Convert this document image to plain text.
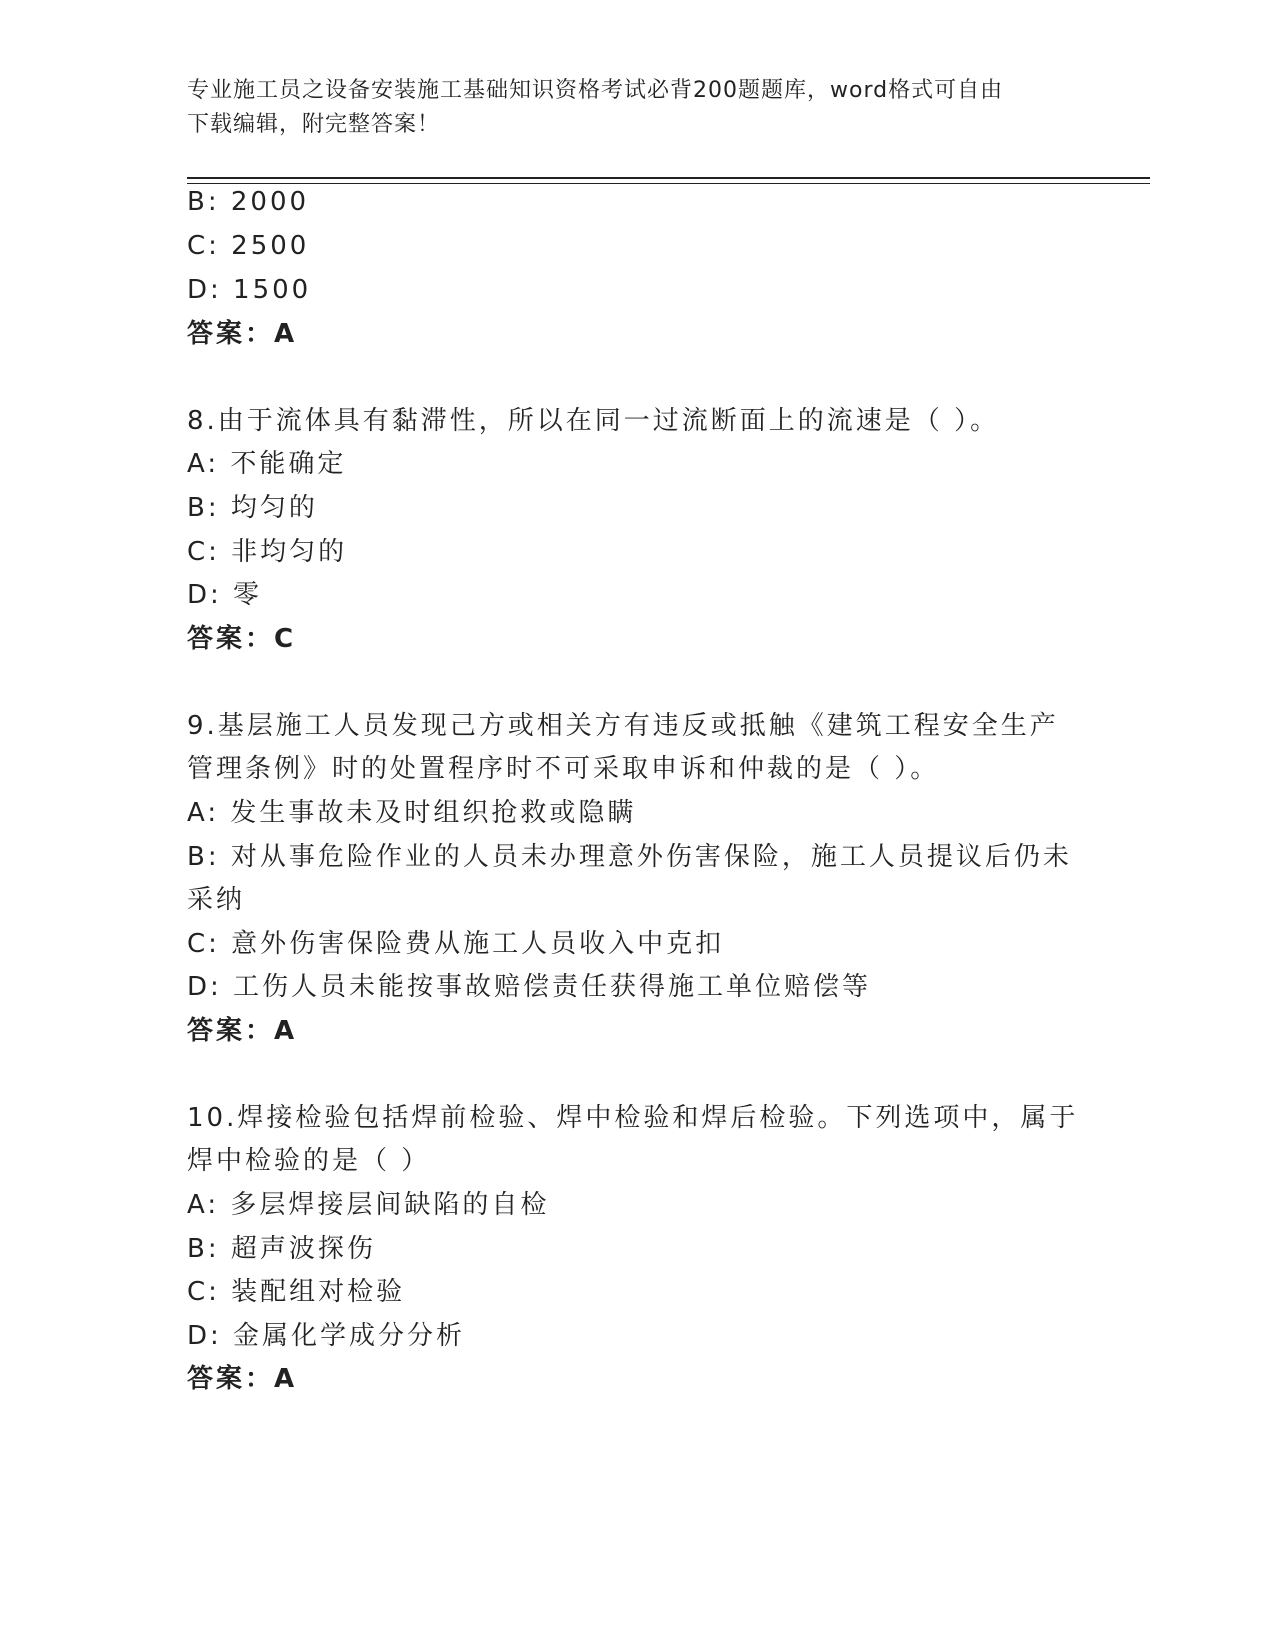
专业施工员之设备安装施工基础知识资格考试必背200题题库，word格式可自由
下载编辑，附完整答案！
B: 2000
C: 2500
D: 1500
答案：A
8.由于流体具有黏滞性，所以在同一过流断面上的流速是（ ）。
A: 不能确定
B: 均匀的
C: 非均匀的
D: 零
答案：C
9.基层施工人员发现己方或相关方有违反或抵触《建筑工程安全生产
管理条例》时的处置程序时不可采取申诉和仲裁的是（ ）。
A: 发生事故未及时组织抢救或隐瞒
B: 对从事危险作业的人员未办理意外伤害保险，施工人员提议后仍未
采纳
C: 意外伤害保险费从施工人员收入中克扣
D: 工伤人员未能按事故赔偿责任获得施工单位赔偿等
答案：A
10.焊接检验包括焊前检验、焊中检验和焊后检验。下列选项中，属于
焊中检验的是（ ）
A: 多层焊接层间缺陷的自检
B: 超声波探伤
C: 装配组对检验
D: 金属化学成分分析
答案：A
